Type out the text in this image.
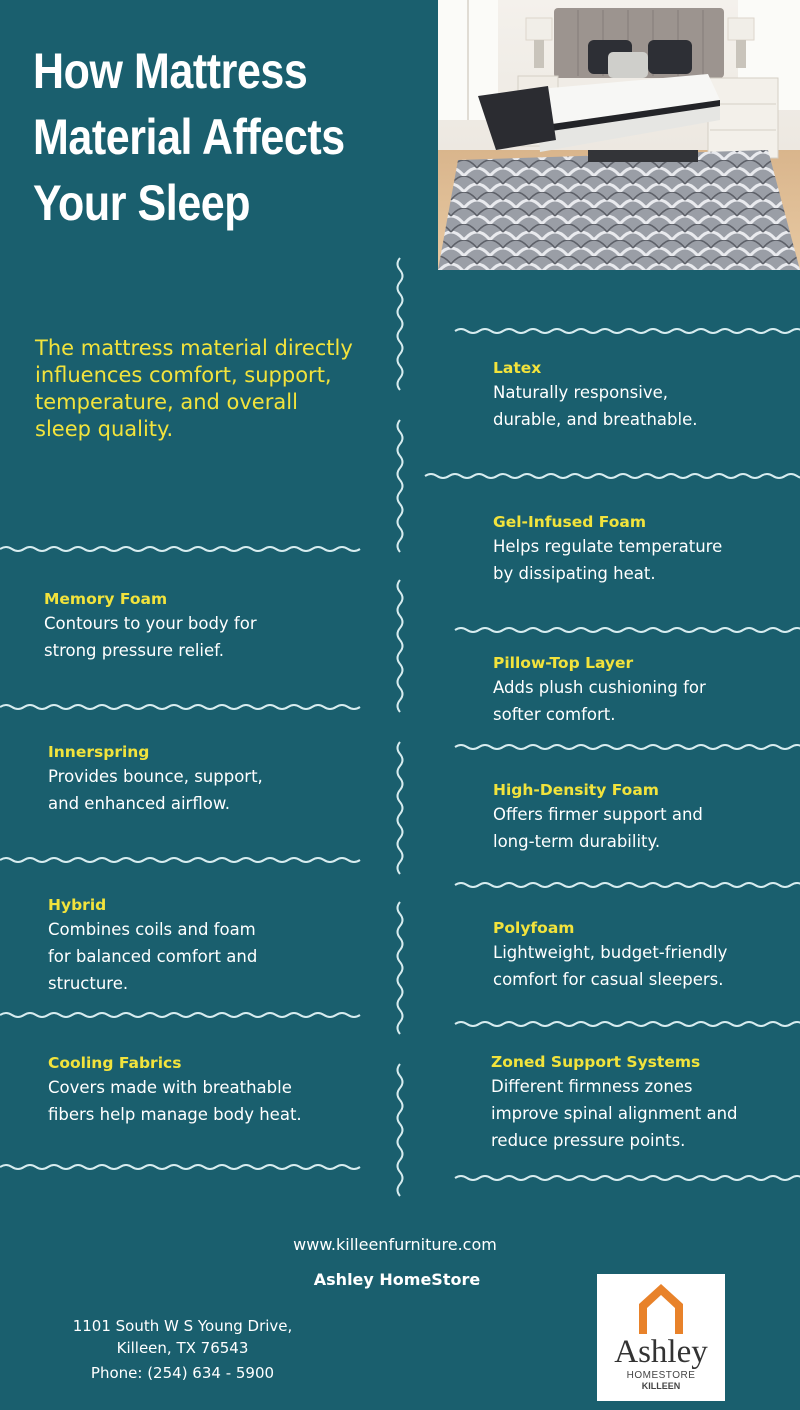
How Mattress
Material Affects
Your Sleep

The mattress material directly influences comfort, support, temperature, and overall sleep quality.

Memory Foam
Contours to your body for
strong pressure relief.
Innerspring
Provides bounce, support,
and enhanced airflow.
Hybrid
Combines coils and foam
for balanced comfort and
structure.
Cooling Fabrics
Covers made with breathable
fibers help manage body heat.
Latex
Naturally responsive,
durable, and breathable.
Gel-Infused Foam
Helps regulate temperature
by dissipating heat.
Pillow-Top Layer
Adds plush cushioning for
softer comfort.
High-Density Foam
Offers firmer support and
long-term durability.
Polyfoam
Lightweight, budget-friendly
comfort for casual sleepers.
Zoned Support Systems
Different firmness zones
improve spinal alignment and
reduce pressure points.
www.killeenfurniture.com
Ashley HomeStore
1101 South W S Young Drive,
Killeen, TX 76543
Phone: (254) 634 - 5900
Ashley
HOMESTORE
KILLEEN
